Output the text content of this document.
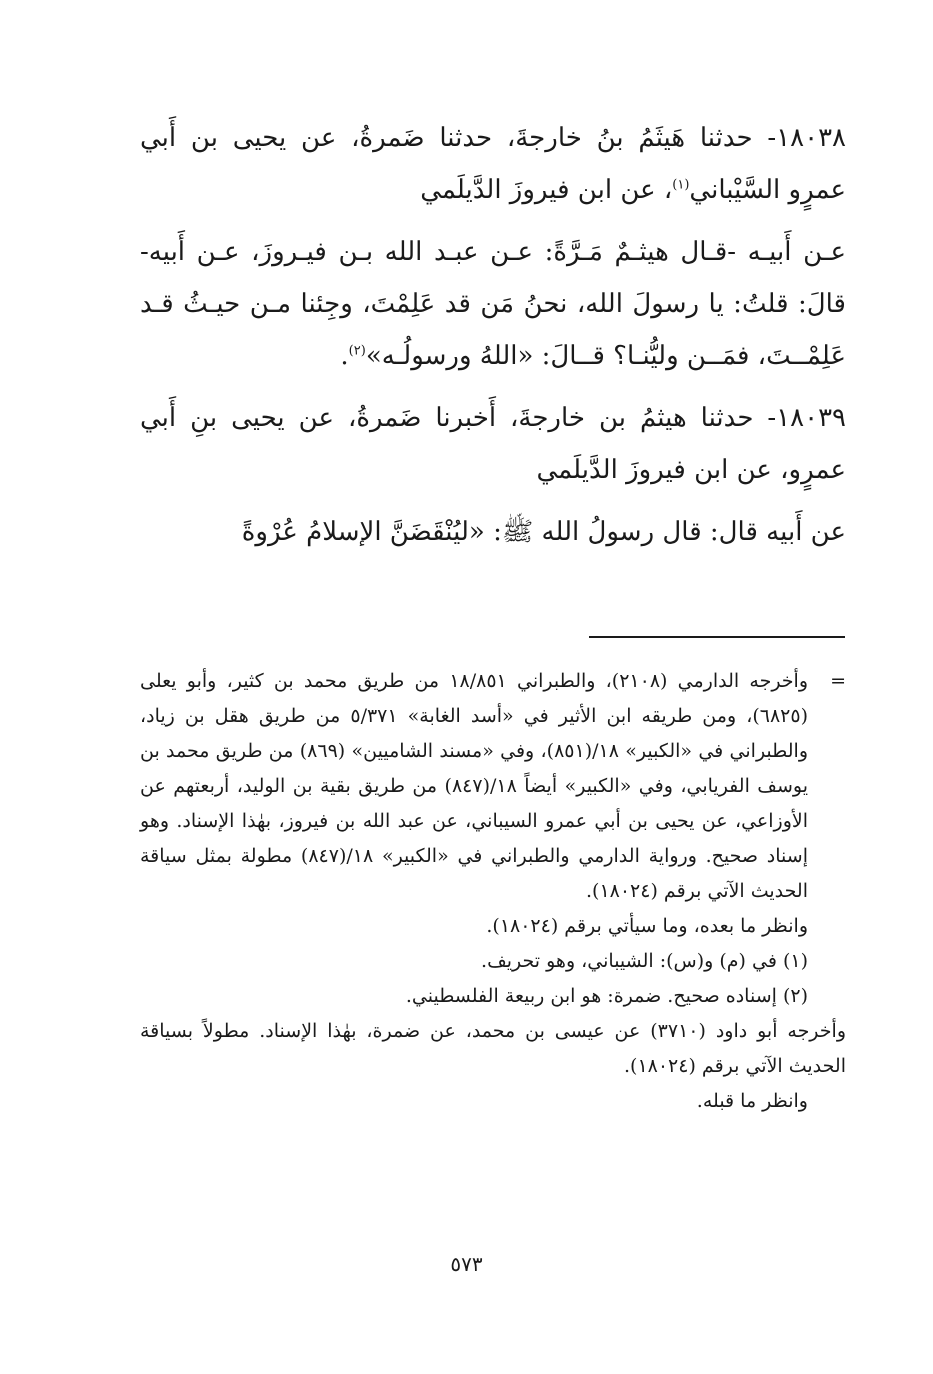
١٨٠٣٨- حدثنا هَيثَمُ بنُ خارجةَ، حدثنا ضَمرةُ، عن يحيى بن أَبي عمرٍو السَّيْباني$^{(١)}$، عن ابن فيروزَ الدَّيلَمي

عـن أَبيـه -قـال هيثـمٌ مَـرَّةً: عـن عبـد الله بـن فيـروزَ، عـن أَبيه- قالَ: قلتُ: يا رسولَ الله، نحنُ مَن قد عَلِمْتَ، وجِئنا مـن حيـثُ قـد عَلِمْــتَ، فمَــن وليُّنـا؟ قــالَ: «اللهُ ورسولُـه»$^{(٢)}$.

١٨٠٣٩- حدثنا هيثمُ بن خارجةَ، أَخبرنا ضَمرةُ، عن يحيى بنِ أَبي عمرٍو، عن ابن فيروزَ الدَّيلَمي

عن أَبيه قال: قال رسولُ الله ﷺ: «ليُنْقَضَنَّ الإسلامُ عُرْوةً

=
وأخرجه الدارمي (٢١٠٨)، والطبراني ١٨/٨٥١ من طريق محمد بن كثير، وأبو يعلى (٦٨٢٥)، ومن طريقه ابن الأثير في «أسد الغابة» ٥/٣٧١ من طريق هقل بن زياد، والطبراني في «الكبير» ١٨/(٨٥١)، وفي «مسند الشاميين» (٨٦٩) من طريق محمد بن يوسف الفريابي، وفي «الكبير» أيضاً ١٨/(٨٤٧) من طريق بقية بن الوليد، أربعتهم عن الأوزاعي، عن يحيى بن أبي عمرو السيباني، عن عبد الله بن فيروز، بهٰذا الإسناد. وهو إسناد صحيح. ورواية الدارمي والطبراني في «الكبير» ١٨/(٨٤٧) مطولة بمثل سياقة الحديث الآتي برقم (١٨٠٢٤).

وانظر ما بعده، وما سيأتي برقم (١٨٠٢٤).

(١) في (م) و(س): الشيباني، وهو تحريف.

(٢) إسناده صحيح. ضمرة: هو ابن ربيعة الفلسطيني.

وأخرجه أبو داود (٣٧١٠) عن عيسى بن محمد، عن ضمرة، بهٰذا الإسناد. مطولاً بسياقة الحديث الآتي برقم (١٨٠٢٤).

وانظر ما قبله.

٥٧٣
